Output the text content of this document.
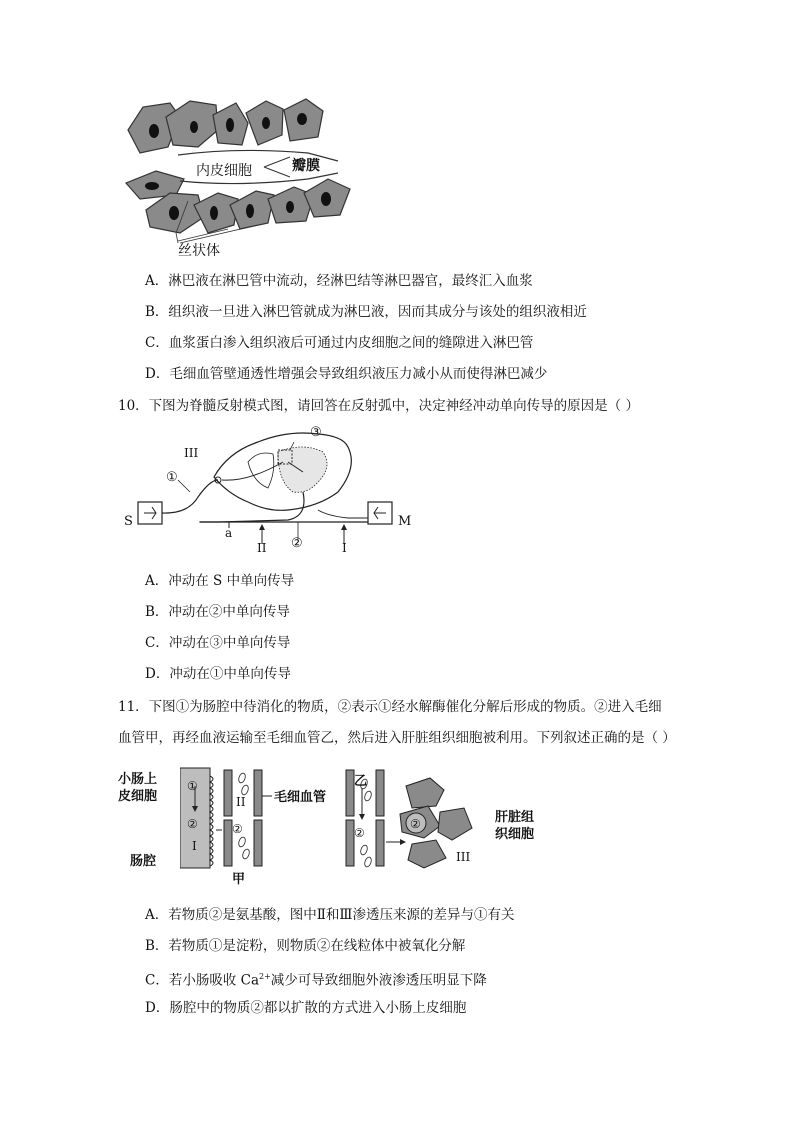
内皮细胞	瓣膜
丝状体
A．淋巴液在淋巴管中流动，经淋巴结等淋巴器官，最终汇入血浆
B．组织液一旦进入淋巴管就成为淋巴液，因而其成分与该处的组织液相近
C．血浆蛋白渗入组织液后可通过内皮细胞之间的缝隙进入淋巴管
D．毛细血管壁通透性增强会导致组织液压力减小从而使得淋巴减少
10．下图为脊髓反射模式图，请回答在反射弧中，决定神经冲动单向传导的原因是（ ）
S	M
III
①
③
a
II ②	I
A．冲动在 S 中单向传导
B．冲动在②中单向传导
C．冲动在③中单向传导
D．冲动在①中单向传导
11．下图①为肠腔中待消化的物质，②表示①经水解酶催化分解后形成的物质。②进入毛细
血管甲，再经血液运输至毛细血管乙，然后进入肝脏组织细胞被利用。下列叙述正确的是（ ）
小肠上
皮细胞
肠腔
①
②
I
II
②
毛细血管
甲
乙
②
②
III
肝脏组
织细胞
A．若物质②是氨基酸，图中Ⅱ和Ⅲ渗透压来源的差异与①有关
B．若物质①是淀粉，则物质②在线粒体中被氧化分解
C．若小肠吸收 $Ca^{2+}$减少可导致细胞外液渗透压明显下降
D．肠腔中的物质②都以扩散的方式进入小肠上皮细胞
